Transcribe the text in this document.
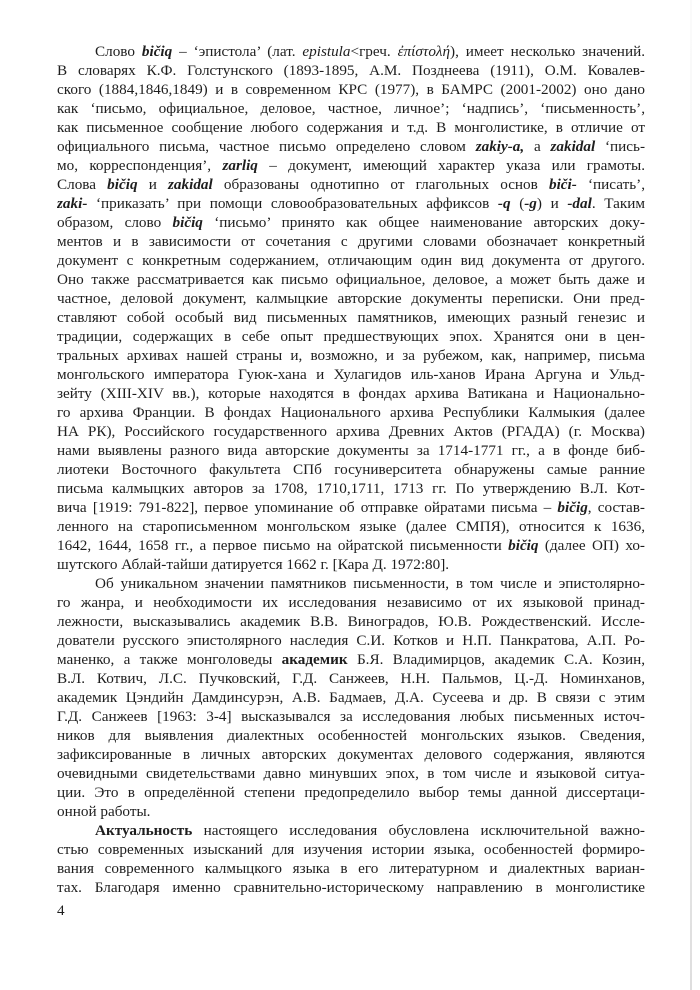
Слово bičiq – ‘эпистола’ (лат. epistula<греч. ἐπίστολή), имеет несколько значений.
В словарях К.Ф. Голстунского (1893-1895, А.М. Позднеева (1911), О.М. Ковалев-
ского (1884,1846,1849) и в современном КРС (1977), в БАМРС (2001-2002) оно дано
как ‘письмо, официальное, деловое, частное, личное’; ‘надпись’, ‘письменность’,
как письменное сообщение любого содержания и т.д. В монголистике, в отличие от
официального письма, частное письмо определено словом zakiy-a, а zakidal ‘пись-
мо, корреспонденция’, zarliq – документ, имеющий характер указа или грамоты.
Слова bičiq и zakidal образованы однотипно от глагольных основ biči- ‘писать’,
zaki- ‘приказать’ при помощи словообразовательных аффиксов -q (-g) и -dal. Таким
образом, слово bičiq ‘письмо’ принято как общее наименование авторских доку-
ментов и в зависимости от сочетания с другими словами обозначает конкретный
документ с конкретным содержанием, отличающим один вид документа от другого.
Оно также рассматривается как письмо официальное, деловое, а может быть даже и
частное, деловой документ, калмыцкие авторские документы переписки. Они пред-
ставляют собой особый вид письменных памятников, имеющих разный генезис и
традиции, содержащих в себе опыт предшествующих эпох. Хранятся они в цен-
тральных архивах нашей страны и, возможно, и за рубежом, как, например, письма
монгольского императора Гуюк-хана и Хулагидов иль-ханов Ирана Аргуна и Ульд-
зейту (XIII-XIV вв.), которые находятся в фондах архива Ватикана и Национально-
го архива Франции. В фондах Национального архива Республики Калмыкия (далее
НА РК), Российского государственного архива Древних Актов (РГАДА) (г. Москва)
нами выявлены разного вида авторские документы за 1714-1771 гг., а в фонде биб-
лиотеки Восточного факультета СПб госуниверситета обнаружены самые ранние
письма калмыцких авторов за 1708, 1710,1711, 1713 гг. По утверждению В.Л. Кот-
вича [1919: 791-822], первое упоминание об отправке ойратами письма – bičig, состав-
ленного на старописьменном монгольском языке (далее СМПЯ), относится к 1636,
1642, 1644, 1658 гг., а первое письмо на ойратской письменности bičiq (далее ОП) хо-
шутского Аблай-тайши датируется 1662 г. [Кара Д. 1972:80].
Об уникальном значении памятников письменности, в том числе и эпистолярно-
го жанра, и необходимости их исследования независимо от их языковой принад-
лежности, высказывались академик В.В. Виноградов, Ю.В. Рождественский. Иссле-
дователи русского эпистолярного наследия С.И. Котков и Н.П. Панкратова, А.П. Ро-
маненко, а также монголоведы академик Б.Я. Владимирцов, академик С.А. Козин,
В.Л. Котвич, Л.С. Пучковский, Г.Д. Санжеев, Н.Н. Пальмов, Ц.-Д. Номинханов,
академик Цэндийн Дамдинсурэн, А.В. Бадмаев, Д.А. Сусеева и др. В связи с этим
Г.Д. Санжеев [1963: 3-4] высказывался за исследования любых письменных источ-
ников для выявления диалектных особенностей монгольских языков. Сведения,
зафиксированные в личных авторских документах делового содержания, являются
очевидными свидетельствами давно минувших эпох, в том числе и языковой ситуа-
ции. Это в определённой степени предопределило выбор темы данной диссертаци-
онной работы.
Актуальность настоящего исследования обусловлена исключительной важно-
стью современных изысканий для изучения истории языка, особенностей формиро-
вания современного калмыцкого языка в его литературном и диалектных вариан-
тах. Благодаря именно сравнительно-историческому направлению в монголистике
4
